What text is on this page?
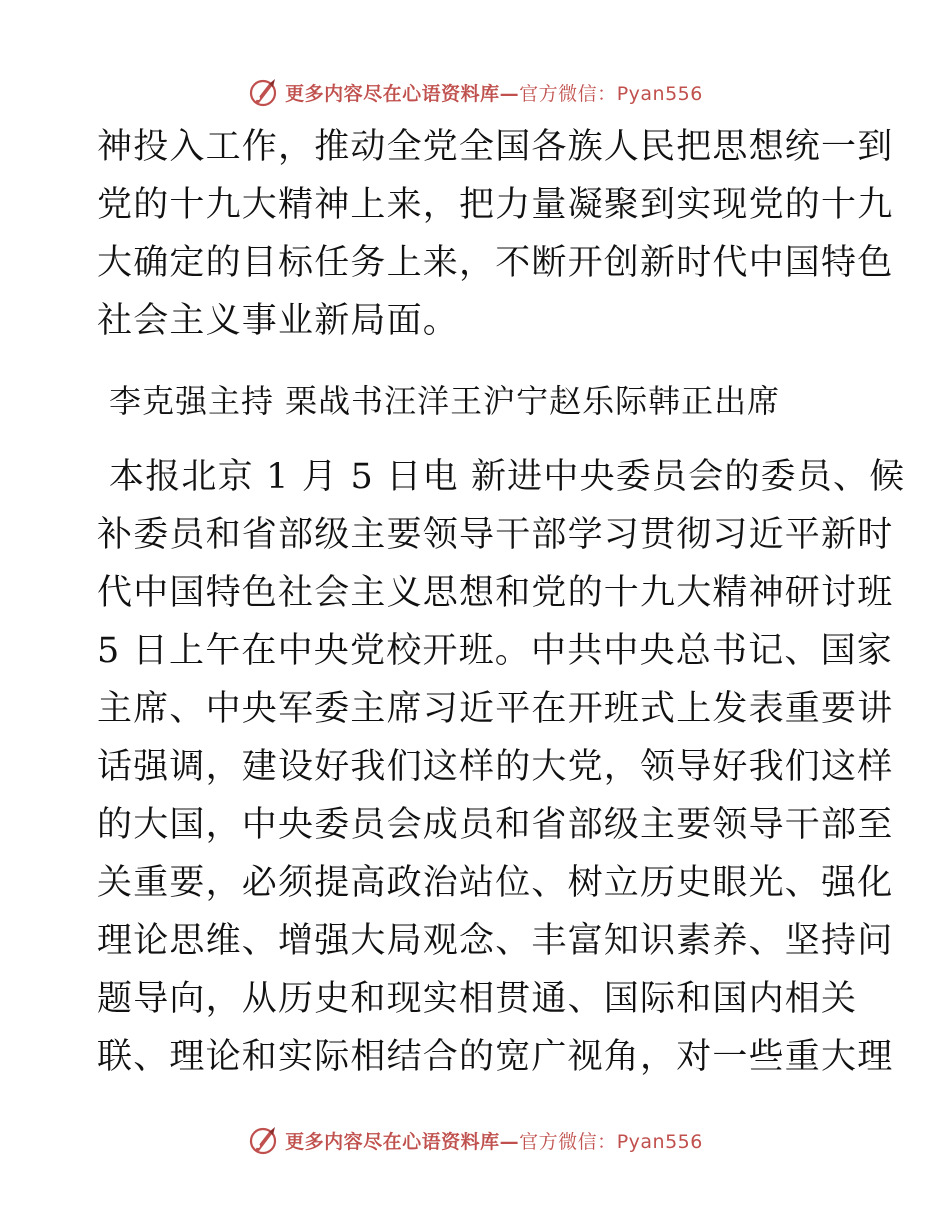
更多内容尽在心语资料库—官方微信：Pyan556

神投入工作，推动全党全国各族人民把思想统一到
党的十九大精神上来，把力量凝聚到实现党的十九
大确定的目标任务上来，不断开创新时代中国特色
社会主义事业新局面。

李克强主持 栗战书汪洋王沪宁赵乐际韩正出席

本报北京 1 月 5 日电 新进中央委员会的委员、候
补委员和省部级主要领导干部学习贯彻习近平新时
代中国特色社会主义思想和党的十九大精神研讨班
5 日上午在中央党校开班。中共中央总书记、国家
主席、中央军委主席习近平在开班式上发表重要讲
话强调，建设好我们这样的大党，领导好我们这样
的大国，中央委员会成员和省部级主要领导干部至
关重要，必须提高政治站位、树立历史眼光、强化
理论思维、增强大局观念、丰富知识素养、坚持问
题导向，从历史和现实相贯通、国际和国内相关
联、理论和实际相结合的宽广视角，对一些重大理

更多内容尽在心语资料库—官方微信：Pyan556
